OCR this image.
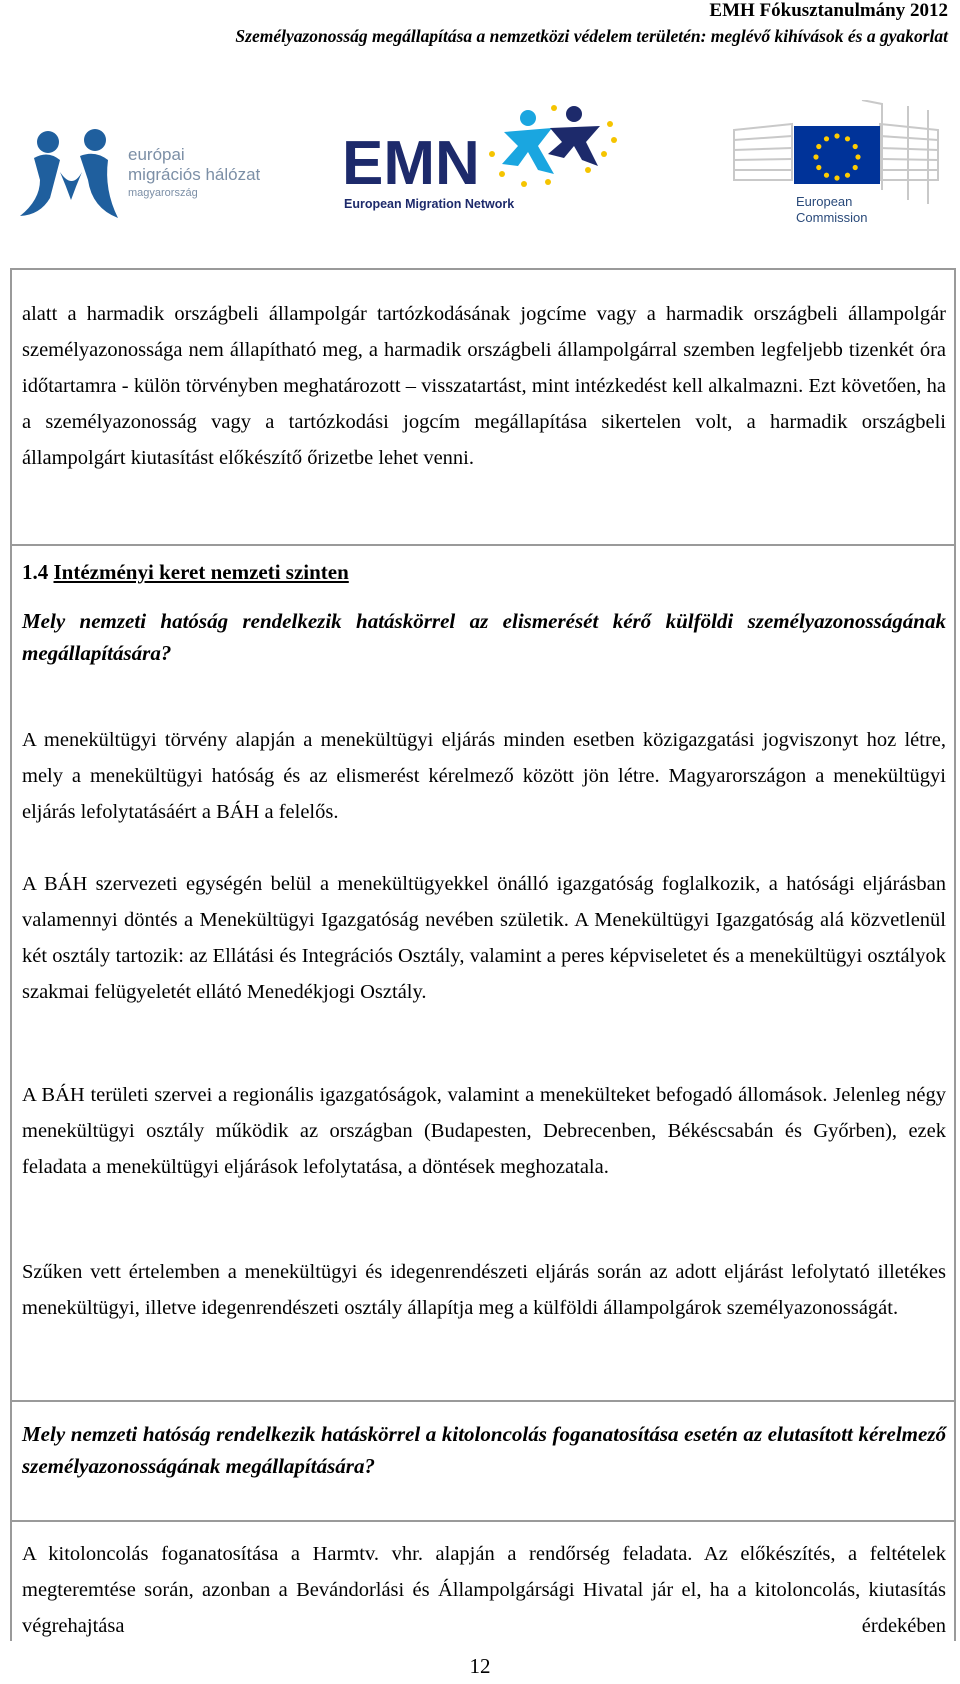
EMH Fókusztanulmány 2012
Személyazonosság megállapítása a nemzetközi védelem területén: meglévő kihívások és a gyakorlat
európai
migrációs hálózat
magyarország EMN
European Migration Network	European
Commission

alatt a harmadik országbeli állampolgár tartózkodásának jogcíme vagy a harmadik országbeli állampolgár személyazonossága nem állapítható meg, a harmadik országbeli állampolgárral szemben legfeljebb tizenkét óra időtartamra - külön törvényben meghatározott – visszatartást, mint intézkedést kell alkalmazni. Ezt követően, ha a személyazonosság vagy a tartózkodási jogcím megállapítása sikertelen volt, a harmadik országbeli állampolgárt kiutasítást előkészítő őrizetbe lehet venni.

1.4 Intézményi keret nemzeti szinten

Mely nemzeti hatóság rendelkezik hatáskörrel az elismerését kérő külföldi személyazonosságának megállapítására?

A menekültügyi törvény alapján a menekültügyi eljárás minden esetben közigazgatási jogviszonyt hoz létre, mely a menekültügyi hatóság és az elismerést kérelmező között jön létre. Magyarországon a menekültügyi eljárás lefolytatásáért a BÁH a felelős.

A BÁH szervezeti egységén belül a menekültügyekkel önálló igazgatóság foglalkozik, a hatósági eljárásban valamennyi döntés a Menekültügyi Igazgatóság nevében születik. A Menekültügyi Igazgatóság alá közvetlenül két osztály tartozik: az Ellátási és Integrációs Osztály, valamint a peres képviseletet és a menekültügyi osztályok szakmai felügyeletét ellátó Menedékjogi Osztály.

A BÁH területi szervei a regionális igazgatóságok, valamint a menekülteket befogadó állomások. Jelenleg négy menekültügyi osztály működik az országban (Budapesten, Debrecenben, Békéscsabán és Győrben), ezek feladata a menekültügyi eljárások lefolytatása, a döntések meghozatala.

Szűken vett értelemben a menekültügyi és idegenrendészeti eljárás során az adott eljárást lefolytató illetékes menekültügyi, illetve idegenrendészeti osztály állapítja meg a külföldi állampolgárok személyazonosságát.

Mely nemzeti hatóság rendelkezik hatáskörrel a kitoloncolás foganatosítása esetén az elutasított kérelmező személyazonosságának megállapítására?

A kitoloncolás foganatosítása a Harmtv. vhr. alapján a rendőrség feladata. Az előkészítés, a feltételek megteremtése során, azonban a Bevándorlási és Állampolgársági Hivatal jár el, ha a kitoloncolás, kiutasítás végrehajtása érdekében

12
